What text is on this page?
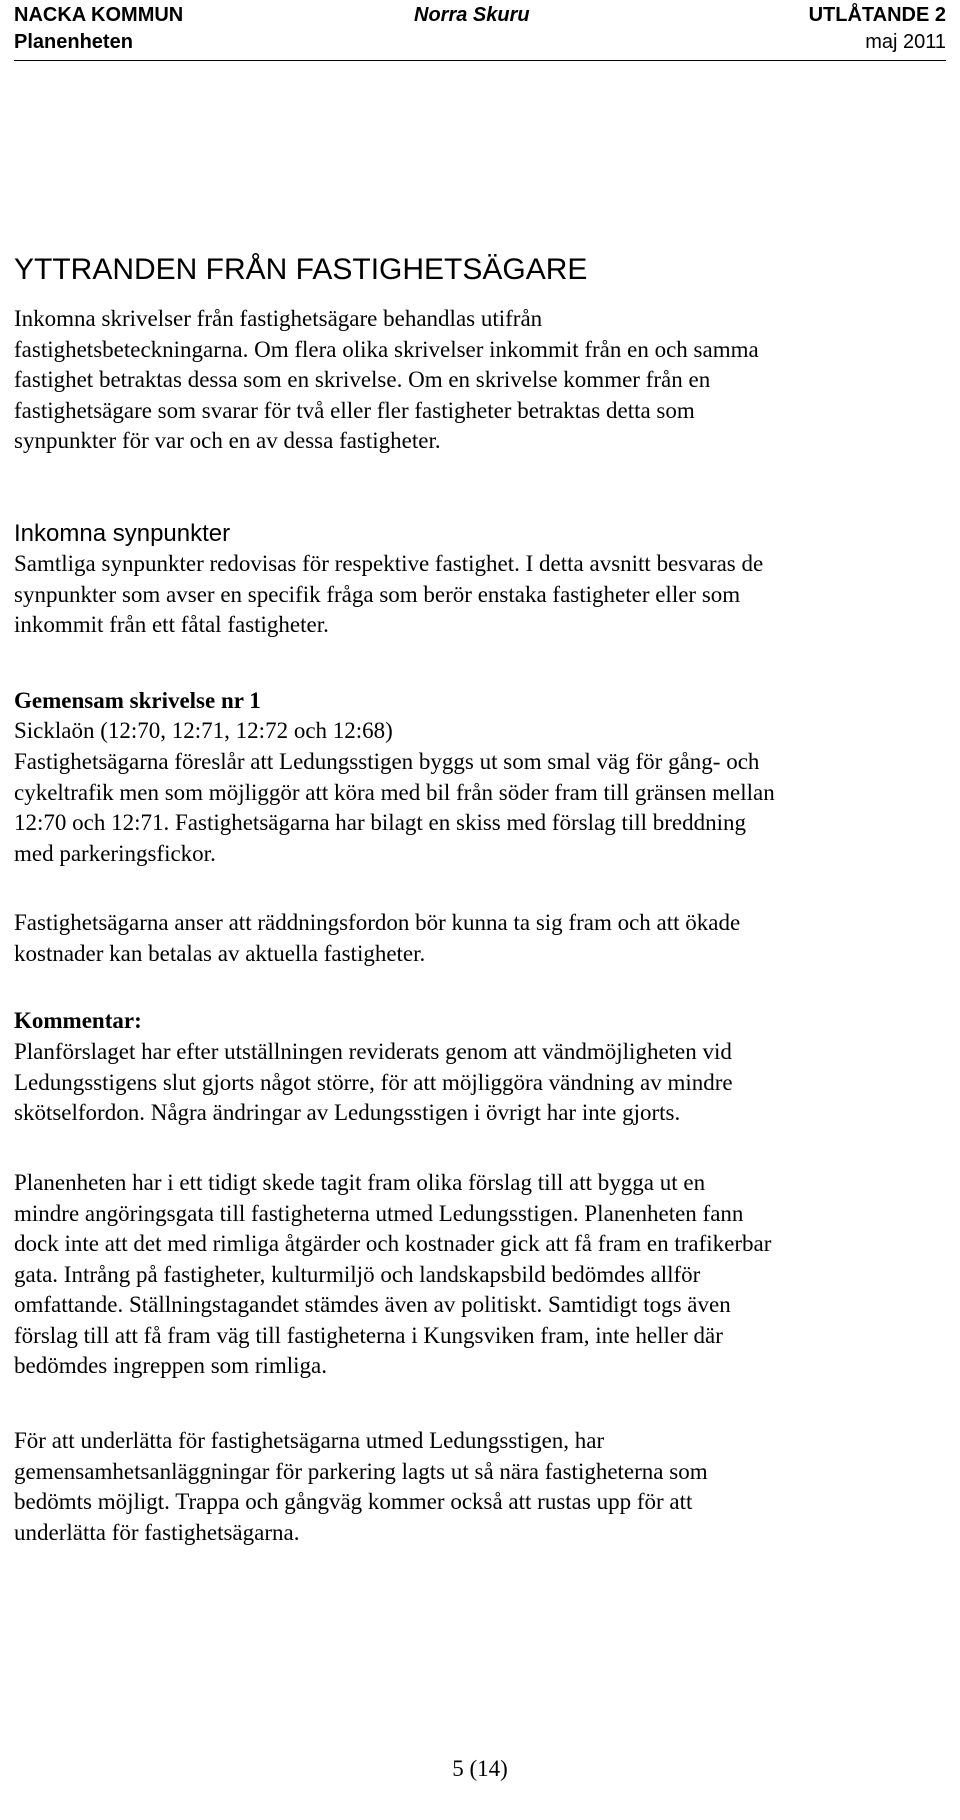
NACKA KOMMUN	Norra Skuru	UTLÅTANDE 2
Planenheten	maj 2011
YTTRANDEN FRÅN FASTIGHETSÄGARE
Inkomna skrivelser från fastighetsägare behandlas utifrån
fastighetsbeteckningarna. Om flera olika skrivelser inkommit från en och samma
fastighet betraktas dessa som en skrivelse. Om en skrivelse kommer från en
fastighetsägare som svarar för två eller fler fastigheter betraktas detta som
synpunkter för var och en av dessa fastigheter.
Inkomna synpunkter
Samtliga synpunkter redovisas för respektive fastighet. I detta avsnitt besvaras de
synpunkter som avser en specifik fråga som berör enstaka fastigheter eller som
inkommit från ett fåtal fastigheter.
Gemensam skrivelse nr 1
Sicklaön (12:70, 12:71, 12:72 och 12:68)
Fastighetsägarna föreslår att Ledungsstigen byggs ut som smal väg för gång- och
cykeltrafik men som möjliggör att köra med bil från söder fram till gränsen mellan
12:70 och 12:71. Fastighetsägarna har bilagt en skiss med förslag till breddning
med parkeringsfickor.
Fastighetsägarna anser att räddningsfordon bör kunna ta sig fram och att ökade
kostnader kan betalas av aktuella fastigheter.
Kommentar:
Planförslaget har efter utställningen reviderats genom att vändmöjligheten vid
Ledungsstigens slut gjorts något större, för att möjliggöra vändning av mindre
skötselfordon. Några ändringar av Ledungsstigen i övrigt har inte gjorts.
Planenheten har i ett tidigt skede tagit fram olika förslag till att bygga ut en
mindre angöringsgata till fastigheterna utmed Ledungsstigen. Planenheten fann
dock inte att det med rimliga åtgärder och kostnader gick att få fram en trafikerbar
gata. Intrång på fastigheter, kulturmiljö och landskapsbild bedömdes allför
omfattande. Ställningstagandet stämdes även av politiskt. Samtidigt togs även
förslag till att få fram väg till fastigheterna i Kungsviken fram, inte heller där
bedömdes ingreppen som rimliga.
För att underlätta för fastighetsägarna utmed Ledungsstigen, har
gemensamhetsanläggningar för parkering lagts ut så nära fastigheterna som
bedömts möjligt. Trappa och gångväg kommer också att rustas upp för att
underlätta för fastighetsägarna.
5 (14)
